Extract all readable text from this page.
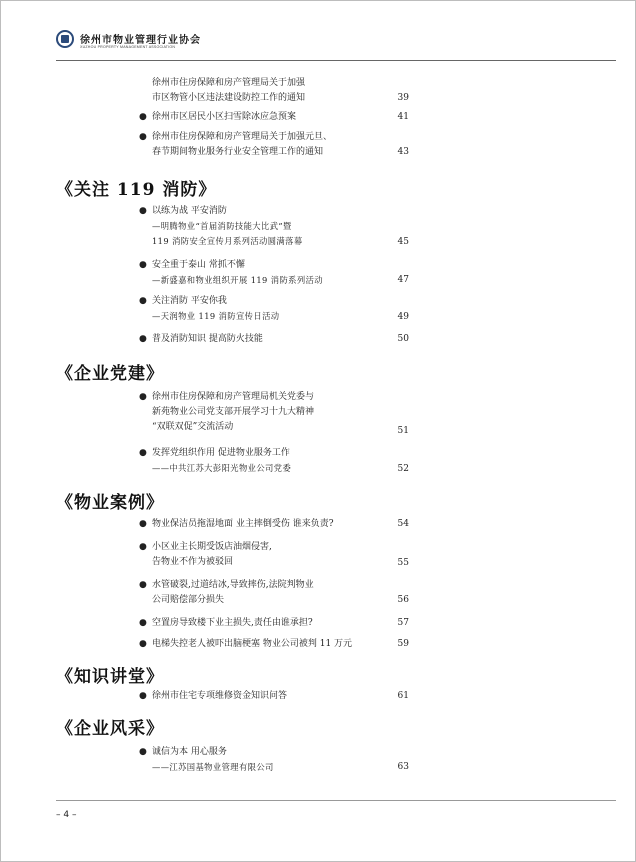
徐州市物业管理行业协会
XUZHOU PROPERTY MANAGEMENT ASSOCIATION
徐州市住房保障和房产管理局关于加强
市区物管小区违法建设防控工作的通知	39
● 徐州市区居民小区扫雪除冰应急预案	41
● 徐州市住房保障和房产管理局关于加强元旦、
春节期间物业服务行业安全管理工作的通知	43
《关注 119 消防》
● 以练为战 平安消防
—明腾物业“首届消防技能大比武”暨
119 消防安全宣传月系列活动圆满落幕	45
● 安全重于泰山 常抓不懈
—新盛嘉和物业组织开展 119 消防系列活动	47
● 关注消防 平安你我
—天润物业 119 消防宣传日活动	49
● 普及消防知识 提高防火技能	50
《企业党建》
● 徐州市住房保障和房产管理局机关党委与
新苑物业公司党支部开展学习十九大精神
“双联双促”交流活动	51
● 发挥党组织作用 促进物业服务工作
——中共江苏大彭阳光物业公司党委	52
《物业案例》
● 物业保洁员拖湿地面 业主摔倒受伤 谁来负责?	54
● 小区业主长期受饭店油烟侵害,
告物业不作为被驳回	55
● 水管破裂,过道结冰,导致摔伤,法院判物业
公司赔偿部分损失	56
● 空置房导致楼下业主损失,责任由谁承担?	57
● 电梯失控老人被吓出脑梗塞 物业公司被判 11 万元	59
《知识讲堂》
● 徐州市住宅专项维修资金知识问答	61
《企业风采》
● 诚信为本 用心服务
——江苏国基物业管理有限公司	63
– 4 –
